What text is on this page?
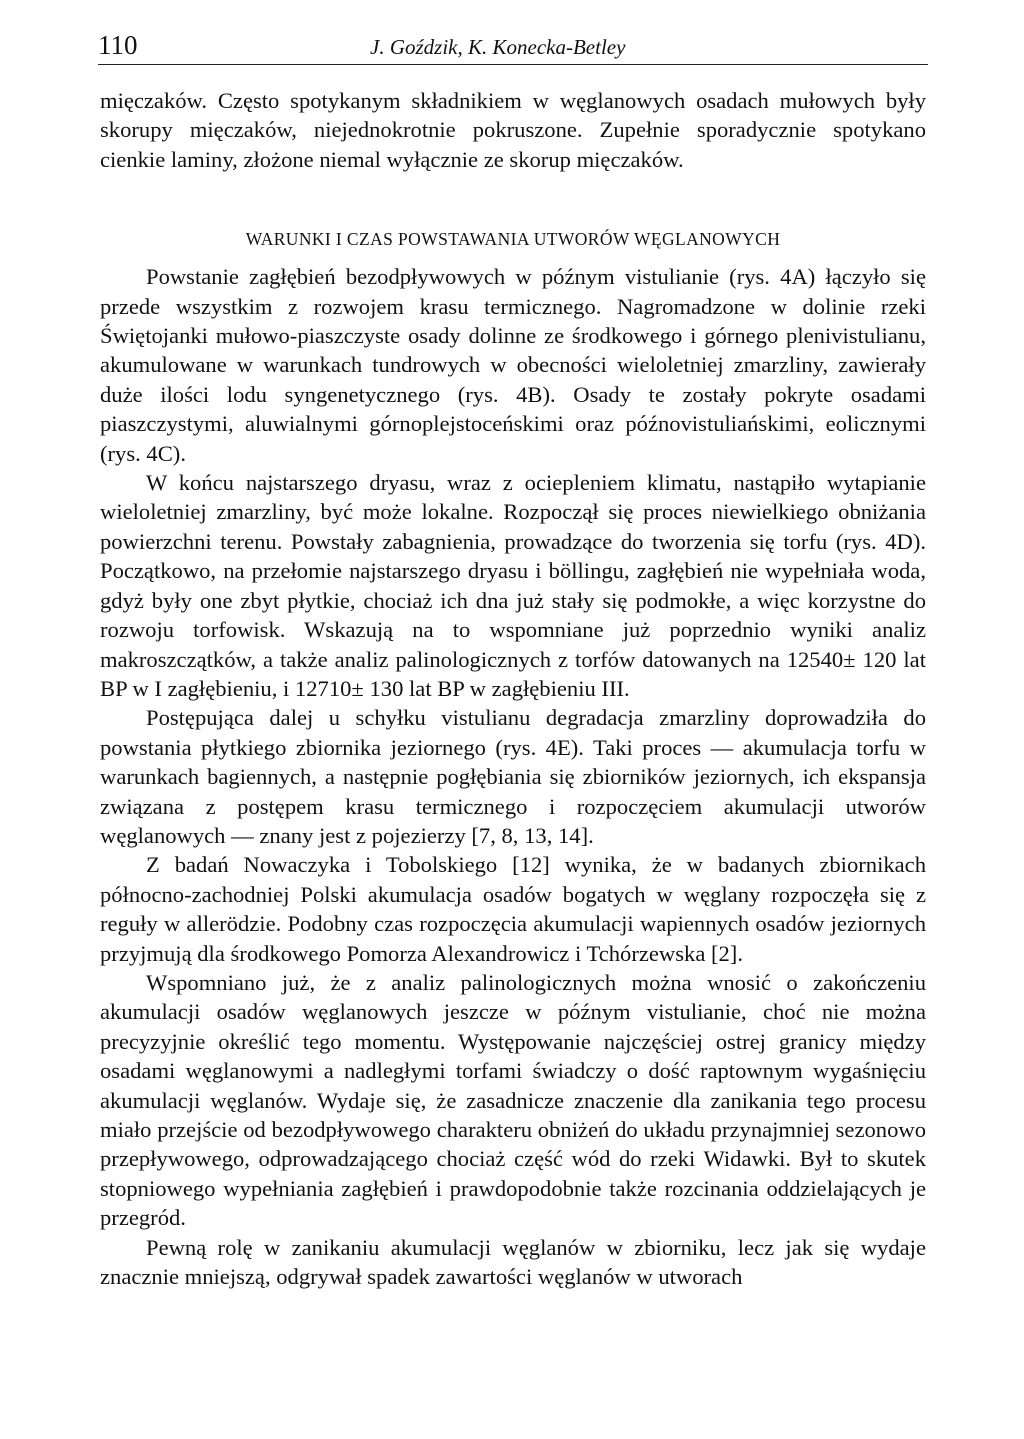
110	J. Goździk, K. Konecka-Betley

mięczaków. Często spotykanym składnikiem w węglanowych osadach mułowych były skorupy mięczaków, niejednokrotnie pokruszone. Zupełnie sporadycznie spotykano cienkie laminy, złożone niemal wyłącznie ze skorup mięczaków.

WARUNKI I CZAS POWSTAWANIA UTWORÓW WĘGLANOWYCH

Powstanie zagłębień bezodpływowych w późnym vistulianie (rys. 4A) łączyło się przede wszystkim z rozwojem krasu termicznego. Nagromadzone w dolinie rzeki Świętojanki mułowo-piaszczyste osady dolinne ze środkowego i górnego plenivistulianu, akumulowane w warunkach tundrowych w obecności wieloletniej zmarzliny, zawierały duże ilości lodu syngenetycznego (rys. 4B). Osady te zostały pokryte osadami piaszczystymi, aluwialnymi górnoplejstoceńskimi oraz późnovistuliańskimi, eolicznymi (rys. 4C).

W końcu najstarszego dryasu, wraz z ociepleniem klimatu, nastąpiło wytapianie wieloletniej zmarzliny, być może lokalne. Rozpoczął się proces niewielkiego obniżania powierzchni terenu. Powstały zabagnienia, prowadzące do tworzenia się torfu (rys. 4D). Początkowo, na przełomie najstarszego dryasu i böllingu, zagłębień nie wypełniała woda, gdyż były one zbyt płytkie, chociaż ich dna już stały się podmokłe, a więc korzystne do rozwoju torfowisk. Wskazują na to wspomniane już poprzednio wyniki analiz makroszczątków, a także analiz palinologicznych z torfów datowanych na 12540± 120 lat BP w I zagłębieniu, i 12710± 130 lat BP w zagłębieniu III.

Postępująca dalej u schyłku vistulianu degradacja zmarzliny doprowadziła do powstania płytkiego zbiornika jeziornego (rys. 4E). Taki proces — akumulacja torfu w warunkach bagiennych, a następnie pogłębiania się zbiorników jeziornych, ich ekspansja związana z postępem krasu termicznego i rozpoczęciem akumulacji utworów węglanowych — znany jest z pojezierzy [7, 8, 13, 14].

Z badań Nowaczyka i Tobolskiego [12] wynika, że w badanych zbiornikach północno-zachodniej Polski akumulacja osadów bogatych w węglany rozpoczęła się z reguły w allerödzie. Podobny czas rozpoczęcia akumulacji wapiennych osadów jeziornych przyjmują dla środkowego Pomorza Alexandrowicz i Tchórzewska [2].

Wspomniano już, że z analiz palinologicznych można wnosić o zakończeniu akumulacji osadów węglanowych jeszcze w późnym vistulianie, choć nie można precyzyjnie określić tego momentu. Występowanie najczęściej ostrej granicy między osadami węglanowymi a nadległymi torfami świadczy o dość raptownym wygaśnięciu akumulacji węglanów. Wydaje się, że zasadnicze znaczenie dla zanikania tego procesu miało przejście od bezodpływowego charakteru obniżeń do układu przynajmniej sezonowo przepływowego, odprowadzającego chociaż część wód do rzeki Widawki. Był to skutek stopniowego wypełniania zagłębień i prawdopodobnie także rozcinania oddzielających je przegród.

Pewną rolę w zanikaniu akumulacji węglanów w zbiorniku, lecz jak się wydaje znacznie mniejszą, odgrywał spadek zawartości węglanów w utworach
